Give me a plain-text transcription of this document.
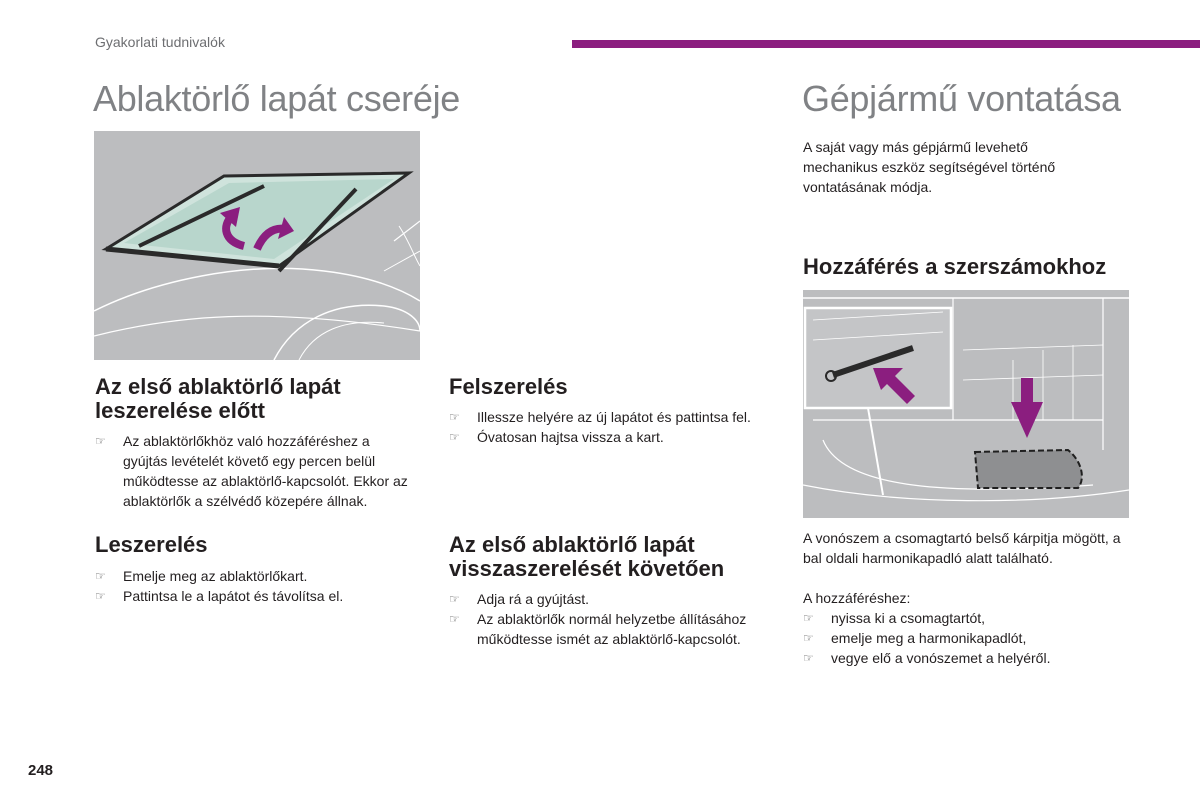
Gyakorlati tudnivalók
Ablaktörlő lapát cseréje
Az első ablaktörlő lapát leszerelése előtt
☞ Az ablaktörlőkhöz való hozzáféréshez a gyújtás levételét követő egy percen belül működtesse az ablaktörlő-kapcsolót. Ekkor az ablaktörlők a szélvédő közepére állnak.
Leszerelés
☞ Emelje meg az ablaktörlőkart.
☞ Pattintsa le a lapátot és távolítsa el.
Felszerelés
☞ Illessze helyére az új lapátot és pattintsa fel.
☞ Óvatosan hajtsa vissza a kart.
Az első ablaktörlő lapát visszaszerelését követően
☞ Adja rá a gyújtást.
☞ Az ablaktörlők normál helyzetbe állításához működtesse ismét az ablaktörlő-kapcsolót.
Gépjármű vontatása

A saját vagy más gépjármű levehető mechanikus eszköz segítségével történő vontatásának módja.

Hozzáférés a szerszámokhoz

A vonószem a csomagtartó belső kárpitja mögött, a bal oldali harmonikapadló alatt található.

A hozzáféréshez:

☞ nyissa ki a csomagtartót,
☞ emelje meg a harmonikapadlót,
☞ vegye elő a vonószemet a helyéről.
248
